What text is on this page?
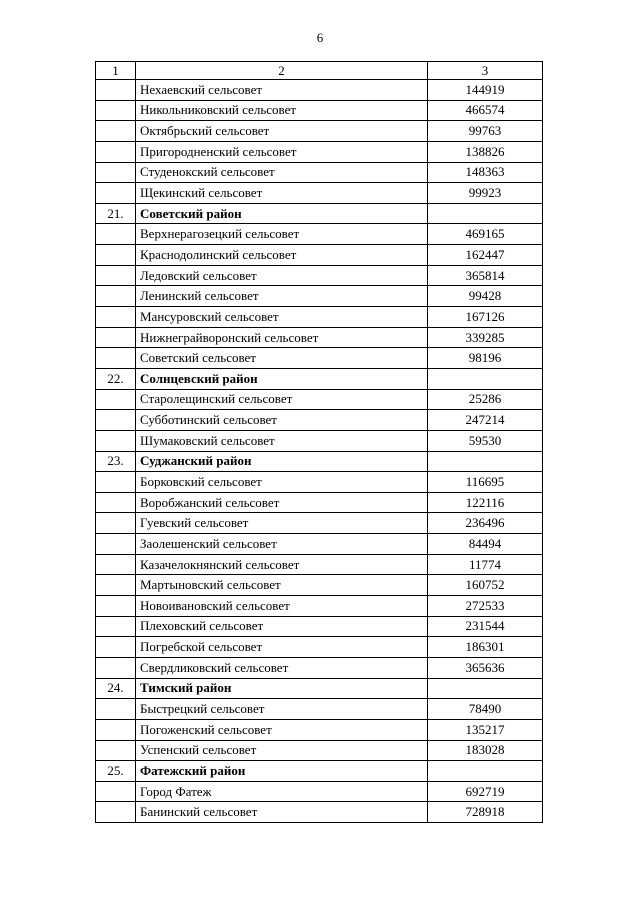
6
1	2	3
	Нехаевский сельсовет	144919
	Никольниковский сельсовет	466574
	Октябрьский сельсовет	99763
	Пригородненский сельсовет	138826
	Студенокский сельсовет	148363
	Щекинский сельсовет	99923
21.	Советский район	
	Верхнерагозецкий сельсовет	469165
	Краснодолинский сельсовет	162447
	Ледовский сельсовет	365814
	Ленинский сельсовет	99428
	Мансуровский сельсовет	167126
	Нижнеграйворонский сельсовет	339285
	Советский сельсовет	98196
22.	Солнцевский район	
	Старолещинский сельсовет	25286
	Субботинский сельсовет	247214
	Шумаковский сельсовет	59530
23.	Суджанский район	
	Борковский сельсовет	116695
	Воробжанский сельсовет	122116
	Гуевский сельсовет	236496
	Заолешенский сельсовет	84494
	Казачелокнянский сельсовет	11774
	Мартыновский сельсовет	160752
	Новоивановский сельсовет	272533
	Плеховский сельсовет	231544
	Погребской сельсовет	186301
	Свердликовский сельсовет	365636
24.	Тимский район	
	Быстрецкий сельсовет	78490
	Погоженский сельсовет	135217
	Успенский сельсовет	183028
25.	Фатежский район	
	Город Фатеж	692719
	Банинский сельсовет	728918
